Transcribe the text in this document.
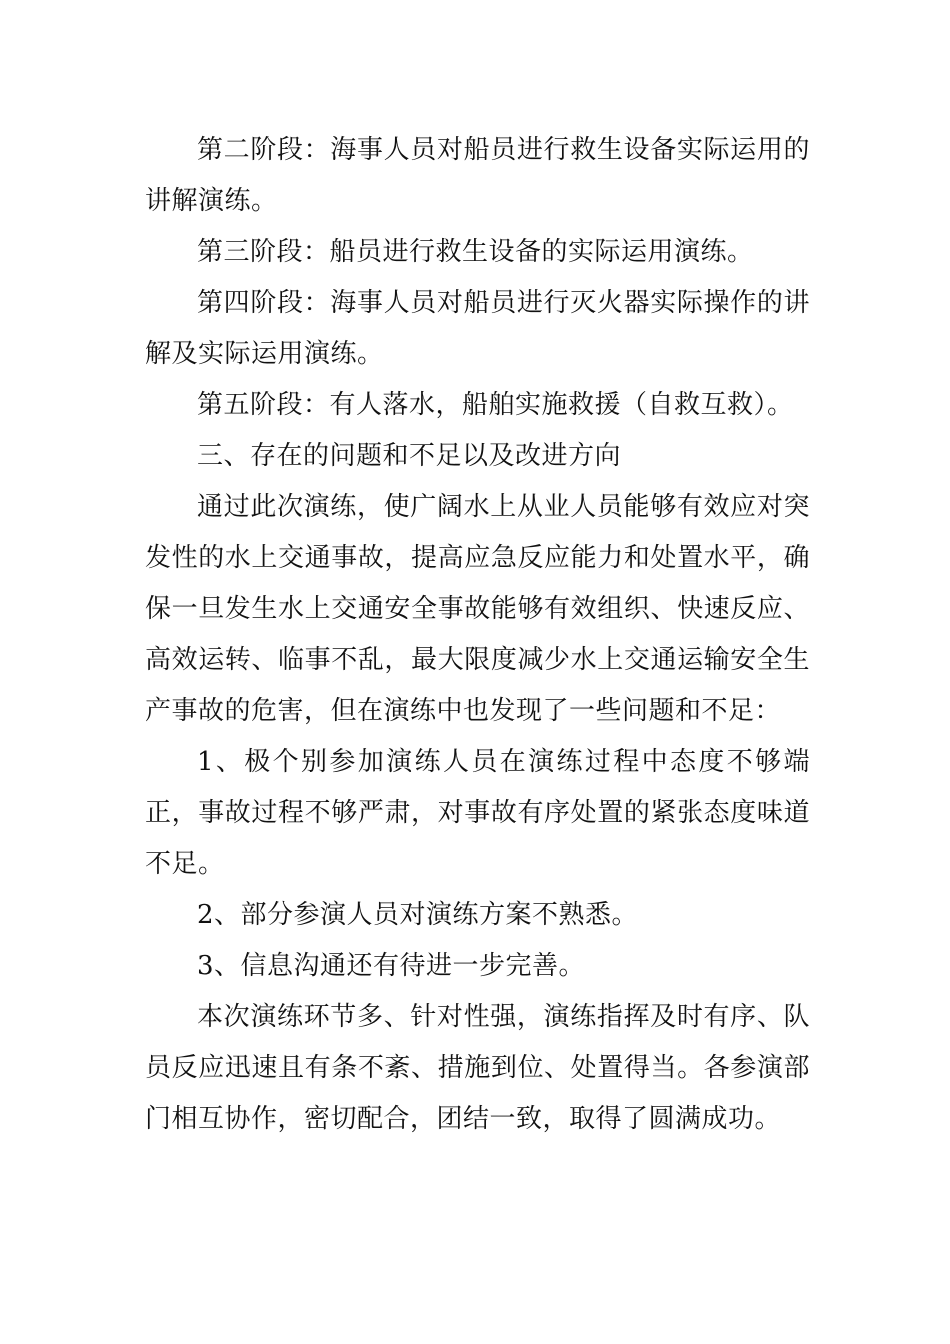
第二阶段：海事人员对船员进行救生设备实际运用的讲解演练。

第三阶段：船员进行救生设备的实际运用演练。

第四阶段：海事人员对船员进行灭火器实际操作的讲解及实际运用演练。

第五阶段：有人落水，船舶实施救援（自救互救）。

三、存在的问题和不足以及改进方向

通过此次演练，使广阔水上从业人员能够有效应对突发性的水上交通事故，提高应急反应能力和处置水平，确保一旦发生水上交通安全事故能够有效组织、快速反应、高效运转、临事不乱，最大限度减少水上交通运输安全生产事故的危害，但在演练中也发现了一些问题和不足：

1、极个别参加演练人员在演练过程中态度不够端正，事故过程不够严肃，对事故有序处置的紧张态度味道不足。

2、部分参演人员对演练方案不熟悉。

3、信息沟通还有待进一步完善。

本次演练环节多、针对性强，演练指挥及时有序、队员反应迅速且有条不紊、措施到位、处置得当。各参演部门相互协作，密切配合，团结一致，取得了圆满成功。
